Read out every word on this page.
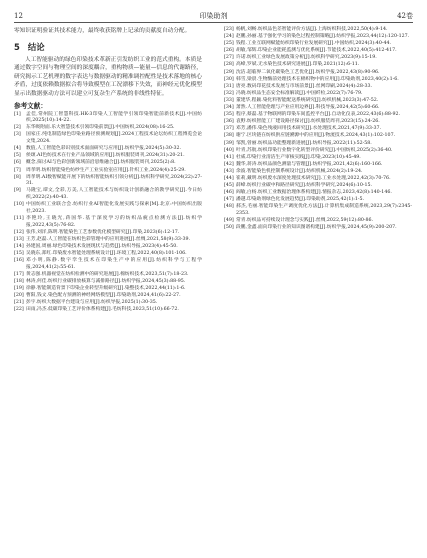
12	印染助剂	42卷

零知识证明验证其技术能力，最终收获铭牌上记录的贡献度自动分配。

5 结论

人工智能驱动的绿色印染技术革新正引发纺织工业的范式重构。本质是通过数字空间与物理空间的深度耦合，重构物质—能量—信息的代谢路径，研究揭示工艺机理的数字表达与数据驱动的精准调控配性是技术落地的核心矛盾，过度依赖数据拟合将导致模型在工况漂移下失效，而神经元优化模型显示出数据驱动方法可以建立可复杂生产系统的非线性特征。

参考文献：

[1] 孟佳,常州院工智慧科技.HK-3印染人工智能学引领印染智能前新技术[J].中国纺织,2025(10):14-22.

[2] 东华吸附面.乐大智慧技术引领印染前景[J].中国纺织,2024(08):16-25.

[3] 国家庄.纯电制造绿色印染业路径预测规划[J].2024工程技术论坛纺织工程博览会论文集,2024.

[4] 数值,人工智能色彩识别技术面面研究与应用[J].纺织学报,2024(5):30-32.

[5] 侯颂.AI色纺技术在行业产品领域的应用[J].纺织服装周刊,2024(31):20-21.

[6] 概念,探讨AI与色彩创新领域前沿思维融合[J].纺织服装周刊,2025(2):8.

[7] 周孝明.纺织智能染色纺纱生产工业实验室应用[J].针织工业,2024(4):25-29.

[8] 周孝明.AI数智赋能开展下的纺织智能纺织引领分析[J].纺织科学研究,2024(22):27-31.

[9] 马隆宝,谭文,全彩,万美,人工智能技术与纺织设计创新融合的教学研究[J].今日纺织,2022(2):40-43.

[10] 中国纺织工业联合会.纺织行业AI智能化发展实践与探索[M].北京:中国纺织出版社,2023.

[11] 李艳玲,王晓光,蒋国华.基于深度学习的纺织品疵点检测方法[J].纺织学报,2022,43(5):76-82.

[12] 张伟,刘洋,陈明.智能染色工艺参数优化模型研究[J].印染,2023(6):12-17.

[13] 王芳,赵磊.人工智能在纺织色彩管理中的应用进展[J].丝绸,2021,58(9):33-39.

[14] 孙建国,周丽.绿色印染技术发展现状与趋势[J].纺织导报,2023(4):45-50.

[15] 吴晓东,郑红.印染废水智能处理系统设计[J].环境工程,2022,40(8):101-106.

[16] 邓小明,陈静.数字孪生技术在印染生产中的应用[J].纺织科学与工程学报,2024,41(2):55-61.

[17] 黄志强.机器视觉在纺织检测中的研究进展[J].棉纺织技术,2023,51(7):18-23.

[18] 林涛,何佳.纺织行业碳排放核算与减排路径[J].纺织学报,2024,45(3):88-95.

[19] 徐静.智能制造背景下印染企业转型升级研究[J].染整技术,2022,44(11):1-6.

[20] 曹阳,钱文.染色配方预测的神经网络模型[J].印染助剂,2024,41(6):22-27.

[21] 彭宇.纺织大数据平台建设与应用[J].纺织导报,2025(1):30-35.

[22] 田雨,冯杰.低碳印染工艺评价体系构建[J].毛纺科技,2023,51(10):66-72.

[23] 杨帆,刘畅.纺织品色差智能评价方法[J].上海纺织科技,2022,50(4):9-14.

[24] 赵鹏,孙丽.基于强化学习的染色过程控制策略[J].纺织学报,2023,44(12):120-127.

[25] 钱程.工业互联网赋能纺织印染行业发展研究[J].中国纺织,2024(3):40-44.

[26] 胡敏,邹辉.印染企业能耗监测与优化系统[J].节能技术,2022,40(5):412-417.

[27] 许诺.纺织工业绿色发展政策分析[J].纺织科学研究,2023(9):15-19.

[28] 高峰,罗斌.无水染色技术研究进展[J].印染,2021(12):6-11.

[29] 沈洁.超临界二氧化碳染色工艺优化[J].纺织学报,2022,43(8):90-96.

[30] 韩雪,梁晨.生物酶前处理技术在棉织物中的应用[J].印染助剂,2023,40(2):1-6.

[31] 唐亮.数码印花技术发展与市场前景[J].丝网印刷,2024(4):28-33.

[32] 冯晓.纺织品生态安全标准解读[J].中国纤检,2022(7):76-79.

[33] 董建华,程颖.染化料智能配送系统研究[J].纺织机械,2023(3):47-52.

[34] 萧然.人工智能伦理与产业应用边界[J].科技导报,2024,42(5):60-66.

[35] 程序,蔡磊.基于物联网的印染车间监控平台[J].自动化仪表,2022,43(6):88-92.

[36] 袁野.纺织智能工厂建设路径探讨[J].纺织服装周刊,2023(15):24-26.

[37] 邓芳,潘伟.染色残液回用技术研究[J].水处理技术,2021,47(9):33-37.

[38] 谢宁.区块链在纺织供应链溯源中的应用[J].物流技术,2024,43(1):102-107.

[39] 邹凯,曾丽.纺织品功能整理新进展[J].纺织导报,2022(11):52-58.

[40] 叶青,苏航.纺织印染行业数字化转型评价研究[J].中国纺织,2025(2):36-40.

[41] 杜威.印染行业清洁生产审核实践[J].印染,2023(10):45-49.

[42] 魏华,蒋涛.纺织品颜色测量与管理[J].纺织学报,2021,42(6):160-166.

[43] 余波.智能染色机控制系统设计[J].纺织机械,2024(2):19-24.

[44] 崔莉,戴明.纺织废水深度处理技术研究[J].工业水处理,2022,42(3):70-76.

[45] 薛峰.纺织行业碳中和路径研究[J].纺织科学研究,2024(6):10-15.

[46] 阎敏,白杨.纺织工业数据治理体系构建[J].情报杂志,2023,42(8):140-146.

[47] 潘越.印染助剂绿色化发展趋势[J].印染助剂,2025,42(1):1-5.

[48] 郝杰,毛丽.智能印染生产调度优化方法[J].计算机集成制造系统,2023,29(7):2345-2353.

[49] 常青.纺织品可持续设计理念与实践[J].丝绸,2022,59(12):80-86.

[50] 段鹏,金鑫.面向印染行业的知识图谱构建[J].纺织学报,2024,45(9):200-207.
